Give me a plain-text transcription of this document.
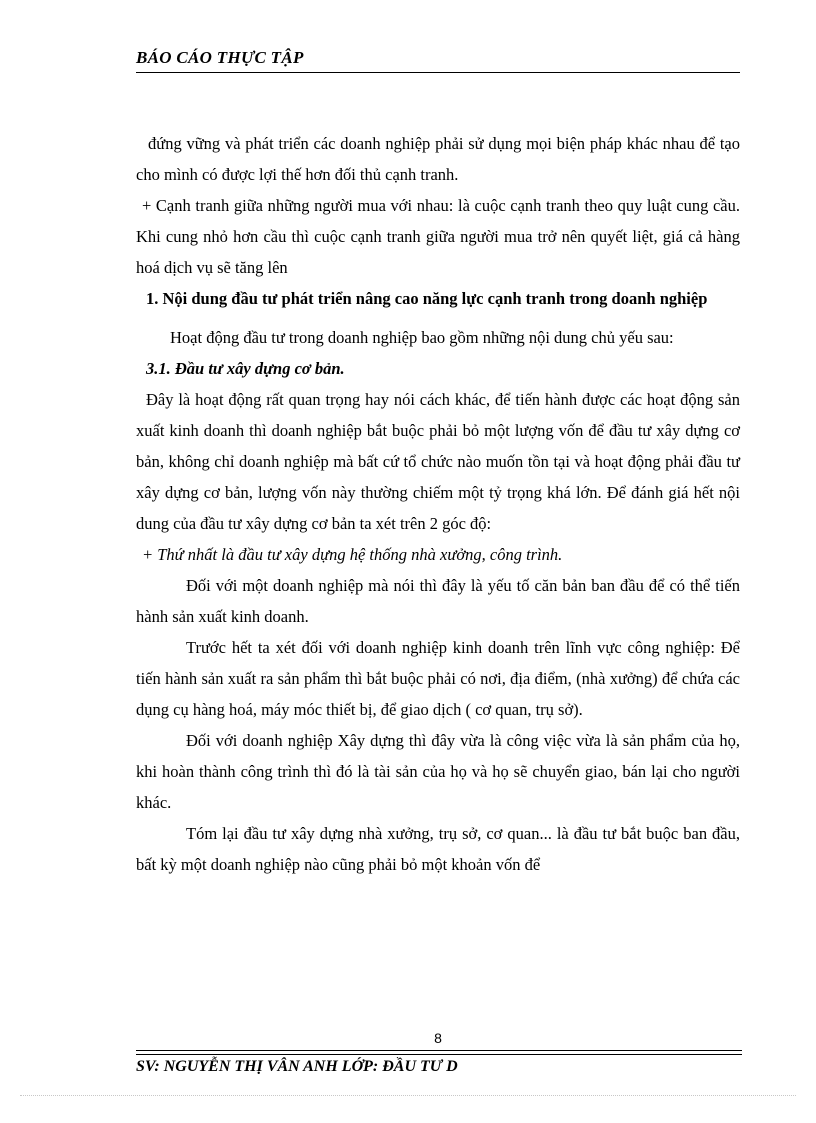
BÁO CÁO THỰC TẬP

đứng vững và phát triển các doanh nghiệp phải sử dụng mọi biện pháp khác nhau để tạo cho mình có được lợi thế hơn đối thủ cạnh tranh.

+ Cạnh tranh giữa những người mua với nhau: là cuộc cạnh tranh theo quy luật cung cầu. Khi cung nhỏ hơn cầu thì cuộc cạnh tranh giữa người mua trở nên quyết liệt, giá cả hàng hoá dịch vụ sẽ tăng lên

1. Nội dung đầu tư phát triển nâng cao năng lực cạnh tranh trong doanh nghiệp

Hoạt động đầu tư trong doanh nghiệp bao gồm những nội dung chủ yếu sau:

3.1. Đầu tư xây dựng cơ bản.

Đây là hoạt động rất quan trọng hay nói cách khác, để tiến hành được các hoạt động sản xuất kinh doanh thì doanh nghiệp bắt buộc phải bỏ một lượng vốn để đầu tư xây dựng cơ bản, không chỉ doanh nghiệp mà bất cứ tổ chức nào muốn tồn tại và hoạt động phải đầu tư xây dựng cơ bản, lượng vốn này thường chiếm một tỷ trọng khá lớn. Để đánh giá hết nội dung của đầu tư xây dựng cơ bản ta xét trên 2 góc độ:

+ Thứ nhất là đầu tư xây dựng hệ thống nhà xưởng, công trình.

Đối với một doanh nghiệp mà nói thì đây là yếu tố căn bản ban đầu để có thể tiến hành sản xuất kinh doanh.

Trước hết ta xét đối với doanh nghiệp kinh doanh trên lĩnh vực công nghiệp: Để tiến hành sản xuất ra sản phẩm thì bắt buộc phải có nơi, địa điểm, (nhà xưởng) để chứa các dụng cụ hàng hoá, máy móc thiết bị, để giao dịch ( cơ quan, trụ sở).

Đối với doanh nghiệp Xây dựng thì đây vừa là công việc vừa là sản phẩm của họ, khi hoàn thành công trình thì đó là tài sản của họ và họ sẽ chuyển giao, bán lại cho người khác.

Tóm lại đầu tư xây dựng nhà xưởng, trụ sở, cơ quan... là đầu tư bắt buộc ban đầu, bất kỳ một doanh nghiệp nào cũng phải bỏ một khoản vốn để

8
SV: NGUYỄN THỊ VÂN ANH LỚP: ĐẦU TƯ D
